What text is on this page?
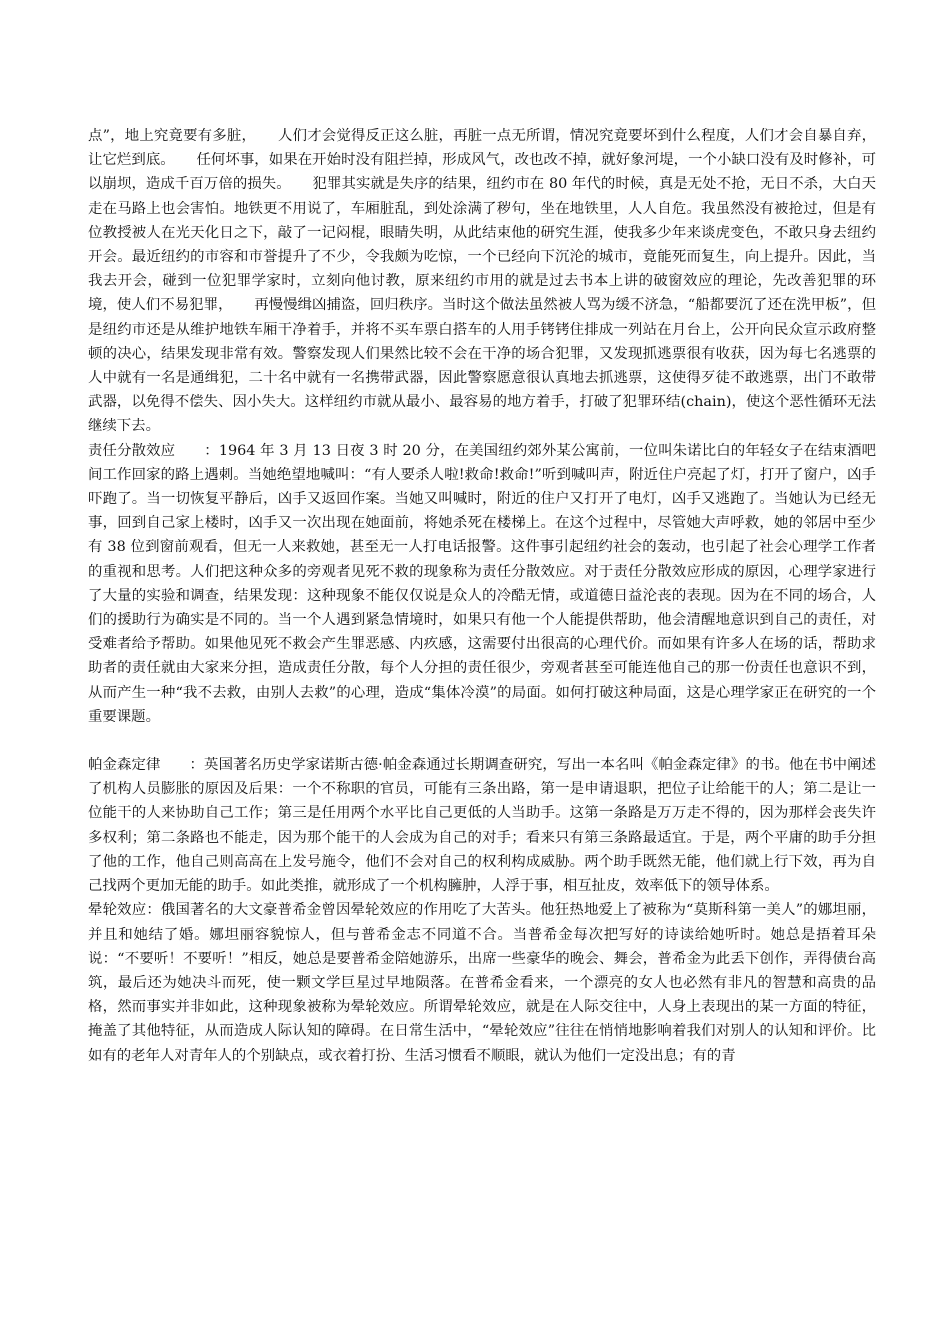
点”，地上究竟要有多脏，　　人们才会觉得反正这么脏，再脏一点无所谓，情况究竟要坏到什么程度，人们才会自暴自弃，让它烂到底。　　任何坏事，如果在开始时没有阻拦掉，形成风气，改也改不掉，就好象河堤，一个小缺口没有及时修补，可以崩坝，造成千百万倍的损失。　　犯罪其实就是失序的结果，纽约市在 80 年代的时候，真是无处不抢，无日不杀，大白天走在马路上也会害怕。地铁更不用说了，车厢脏乱，到处涂满了秽句，坐在地铁里，人人自危。我虽然没有被抢过，但是有位教授被人在光天化日之下，敲了一记闷棍，眼睛失明，从此结束他的研究生涯，使我多少年来谈虎变色，不敢只身去纽约开会。最近纽约的市容和市誉提升了不少，令我颇为吃惊，一个已经向下沉沦的城市，竟能死而复生，向上提升。因此，当我去开会，碰到一位犯罪学家时，立刻向他讨教，原来纽约市用的就是过去书本上讲的破窗效应的理论，先改善犯罪的环境，使人们不易犯罪，　　再慢慢缉凶捕盗，回归秩序。当时这个做法虽然被人骂为缓不济急，“船都要沉了还在洗甲板”，但是纽约市还是从维护地铁车厢干净着手，并将不买车票白搭车的人用手铐铐住排成一列站在月台上，公开向民众宣示政府整顿的决心，结果发现非常有效。警察发现人们果然比较不会在干净的场合犯罪，又发现抓逃票很有收获，因为每七名逃票的人中就有一名是通缉犯，二十名中就有一名携带武器，因此警察愿意很认真地去抓逃票，这使得歹徒不敢逃票，出门不敢带武器，以免得不偿失、因小失大。这样纽约市就从最小、最容易的地方着手，打破了犯罪环结(chain)，使这个恶性循环无法继续下去。

责任分散效应　　：1964 年 3 月 13 日夜 3 时 20 分，在美国纽约郊外某公寓前，一位叫朱诺比白的年轻女子在结束酒吧间工作回家的路上遇刺。当她绝望地喊叫：“有人要杀人啦!救命!救命!”听到喊叫声，附近住户亮起了灯，打开了窗户，凶手吓跑了。当一切恢复平静后，凶手又返回作案。当她又叫喊时，附近的住户又打开了电灯，凶手又逃跑了。当她认为已经无事，回到自己家上楼时，凶手又一次出现在她面前，将她杀死在楼梯上。在这个过程中，尽管她大声呼救，她的邻居中至少有 38 位到窗前观看，但无一人来救她，甚至无一人打电话报警。这件事引起纽约社会的轰动，也引起了社会心理学工作者的重视和思考。人们把这种众多的旁观者见死不救的现象称为责任分散效应。对于责任分散效应形成的原因，心理学家进行了大量的实验和调查，结果发现：这种现象不能仅仅说是众人的冷酷无情，或道德日益沦丧的表现。因为在不同的场合，人们的援助行为确实是不同的。当一个人遇到紧急情境时，如果只有他一个人能提供帮助，他会清醒地意识到自己的责任，对受难者给予帮助。如果他见死不救会产生罪恶感、内疚感，这需要付出很高的心理代价。而如果有许多人在场的话，帮助求助者的责任就由大家来分担，造成责任分散，每个人分担的责任很少，旁观者甚至可能连他自己的那一份责任也意识不到，从而产生一种“我不去救，由别人去救”的心理，造成“集体冷漠”的局面。如何打破这种局面，这是心理学家正在研究的一个重要课题。

帕金森定律　　：英国著名历史学家诺斯古德·帕金森通过长期调查研究，写出一本名叫《帕金森定律》的书。他在书中阐述了机构人员膨胀的原因及后果：一个不称职的官员，可能有三条出路，第一是申请退职，把位子让给能干的人；第二是让一位能干的人来协助自己工作；第三是任用两个水平比自己更低的人当助手。这第一条路是万万走不得的，因为那样会丧失许多权利；第二条路也不能走，因为那个能干的人会成为自己的对手；看来只有第三条路最适宜。于是，两个平庸的助手分担了他的工作，他自己则高高在上发号施令，他们不会对自己的权利构成威胁。两个助手既然无能，他们就上行下效，再为自己找两个更加无能的助手。如此类推，就形成了一个机构臃肿，人浮于事，相互扯皮，效率低下的领导体系。

晕轮效应：俄国著名的大文豪普希金曾因晕轮效应的作用吃了大苦头。他狂热地爱上了被称为“莫斯科第一美人”的娜坦丽，并且和她结了婚。娜坦丽容貌惊人，但与普希金志不同道不合。当普希金每次把写好的诗读给她听时。她总是捂着耳朵说：“不要听！不要听！”相反，她总是要普希金陪她游乐，出席一些豪华的晚会、舞会，普希金为此丢下创作，弄得债台高筑，最后还为她决斗而死，使一颗文学巨星过早地陨落。在普希金看来，一个漂亮的女人也必然有非凡的智慧和高贵的品格，然而事实并非如此，这种现象被称为晕轮效应。所谓晕轮效应，就是在人际交往中，人身上表现出的某一方面的特征，掩盖了其他特征，从而造成人际认知的障碍。在日常生活中，“晕轮效应”往往在悄悄地影响着我们对别人的认知和评价。比如有的老年人对青年人的个别缺点，或衣着打扮、生活习惯看不顺眼，就认为他们一定没出息；有的青
